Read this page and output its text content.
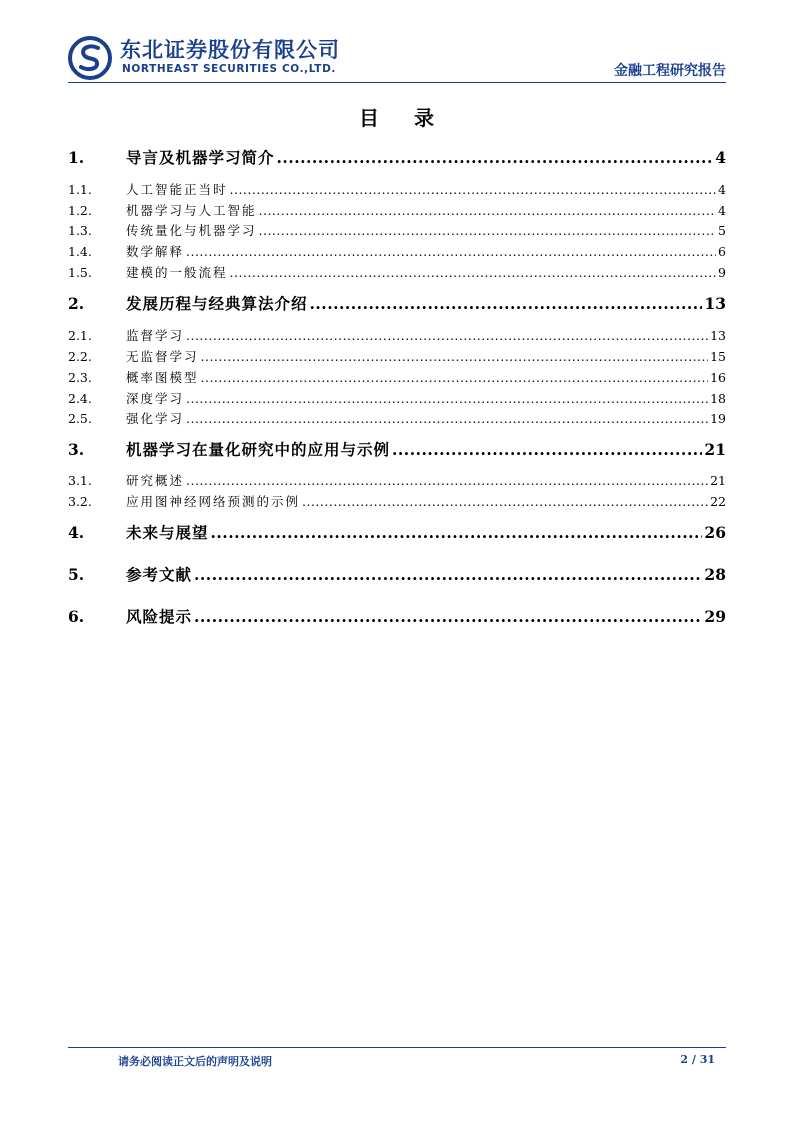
东北证券股份有限公司
NORTHEAST SECURITIES CO.,LTD.	金融工程研究报告
目 录
1.	导言及机器学习简介 .....	4
1.1.	人工智能正当时 .....	4
1.2.	机器学习与人工智能 .....	4
1.3.	传统量化与机器学习 .....	5
1.4.	数学解释 .....	6
1.5.	建模的一般流程 .....	9
2.	发展历程与经典算法介绍 .....	13
2.1.	监督学习 .....	13
2.2.	无监督学习 .....	15
2.3.	概率图模型 .....	16
2.4.	深度学习 .....	18
2.5.	强化学习 .....	19
3.	机器学习在量化研究中的应用与示例 .....	21
3.1.	研究概述 .....	21
3.2.	应用图神经网络预测的示例 .....	22
4.	未来与展望 .....	26
5.	参考文献 .....	28
6.	风险提示 .....	29
请务必阅读正文后的声明及说明	2 / 31
